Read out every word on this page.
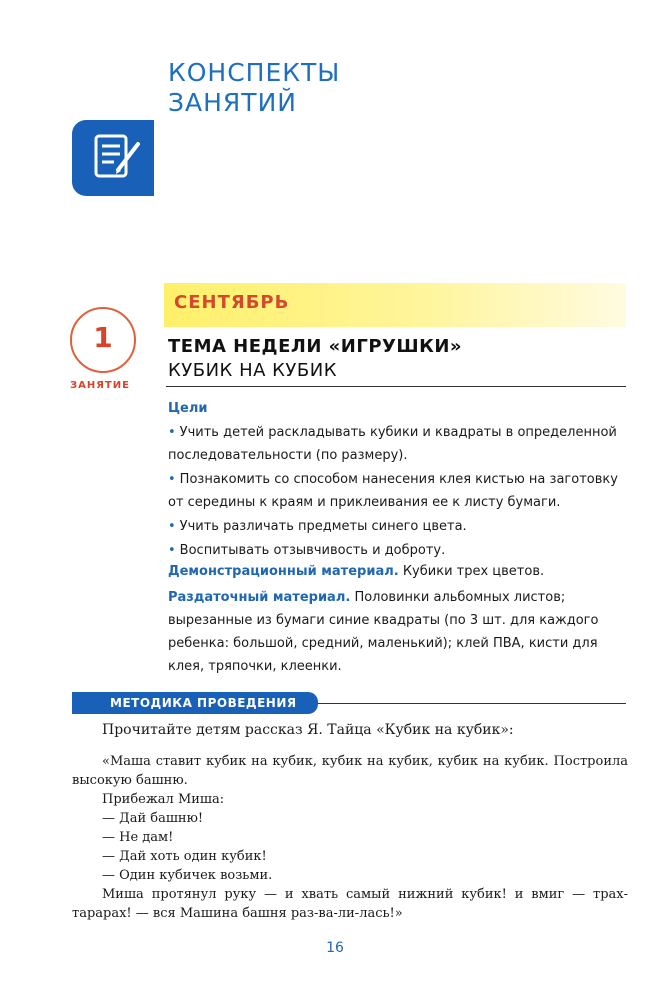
КОНСПЕКТЫ
ЗАНЯТИЙ
СЕНТЯБРЬ
1
ЗАНЯТИЕ
ТЕМА НЕДЕЛИ «ИГРУШКИ»
КУБИК НА КУБИК
Цели
• Учить детей раскладывать кубики и квадраты в определенной последовательности (по размеру).
• Познакомить со способом нанесения клея кистью на заготовку от середины к краям и приклеивания ее к листу бумаги.
• Учить различать предметы синего цвета.
• Воспитывать отзывчивость и доброту.
Демонстрационный материал. Кубики трех цветов.
Раздаточный материал. Половинки альбомных листов; вырезанные из бумаги синие квадраты (по 3 шт. для каждого ребенка: большой, средний, маленький); клей ПВА, кисти для клея, тряпочки, клеенки.
МЕТОДИКА ПРОВЕДЕНИЯ
Прочитайте детям рассказ Я. Тайца «Кубик на кубик»:

«Маша ставит кубик на кубик, кубик на кубик, кубик на кубик. Построила высокую башню.

Прибежал Миша:

— Дай башню!

— Не дам!

— Дай хоть один кубик!

— Один кубичек возьми.

Миша протянул руку — и хвать самый нижний кубик! и вмиг — трах-тарарах! — вся Машина башня раз-ва-ли-лась!»

16
